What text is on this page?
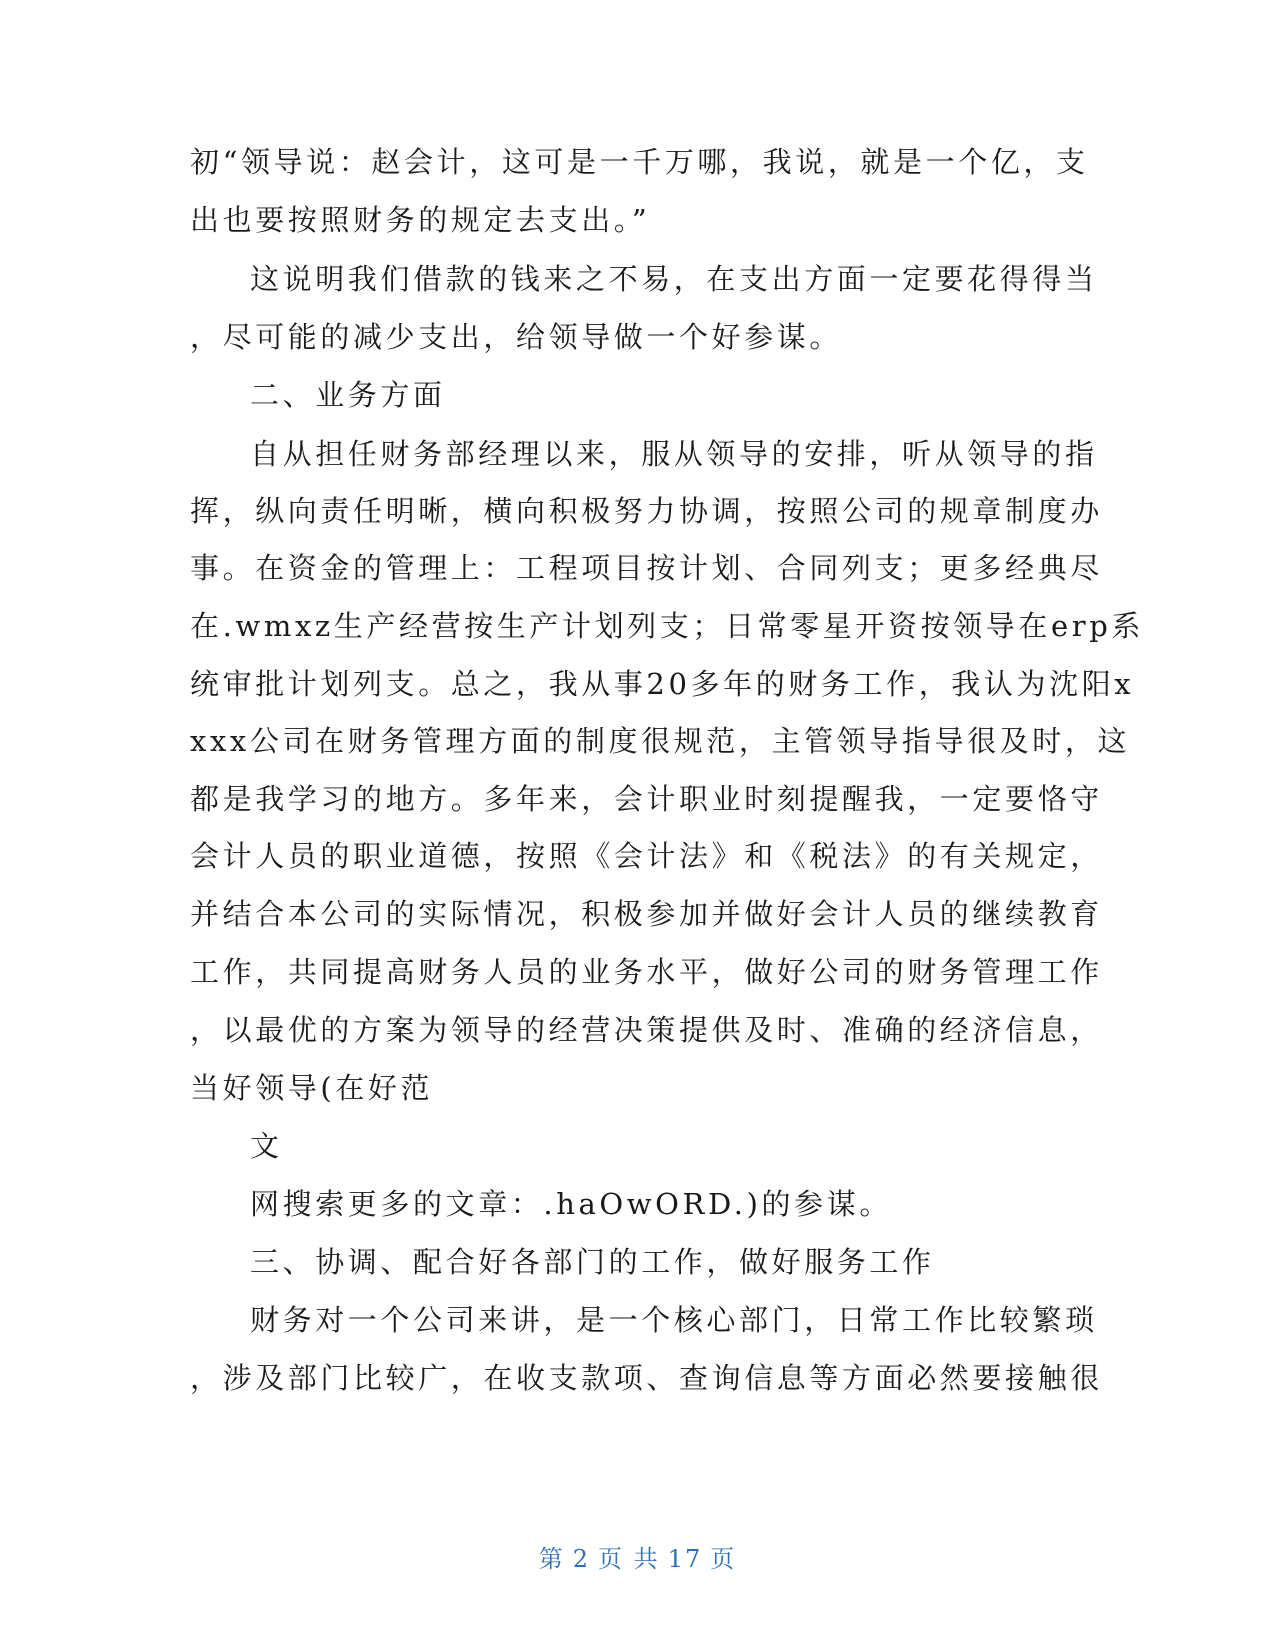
初“领导说：赵会计，这可是一千万哪，我说，就是一个亿，支
出也要按照财务的规定去支出。”
这说明我们借款的钱来之不易，在支出方面一定要花得得当
，尽可能的减少支出，给领导做一个好参谋。
二、业务方面
自从担任财务部经理以来，服从领导的安排，听从领导的指
挥，纵向责任明晰，横向积极努力协调，按照公司的规章制度办
事。在资金的管理上：工程项目按计划、合同列支；更多经典尽
在.wmxz生产经营按生产计划列支；日常零星开资按领导在erp系
统审批计划列支。总之，我从事20多年的财务工作，我认为沈阳x
xxx公司在财务管理方面的制度很规范，主管领导指导很及时，这
都是我学习的地方。多年来，会计职业时刻提醒我，一定要恪守
会计人员的职业道德，按照《会计法》和《税法》的有关规定，
并结合本公司的实际情况，积极参加并做好会计人员的继续教育
工作，共同提高财务人员的业务水平，做好公司的财务管理工作
，以最优的方案为领导的经营决策提供及时、准确的经济信息，
当好领导(在好范
文
网搜索更多的文章：.haOwORD.)的参谋。
三、协调、配合好各部门的工作，做好服务工作
财务对一个公司来讲，是一个核心部门，日常工作比较繁琐
，涉及部门比较广，在收支款项、查询信息等方面必然要接触很
第 2 页 共 17 页
